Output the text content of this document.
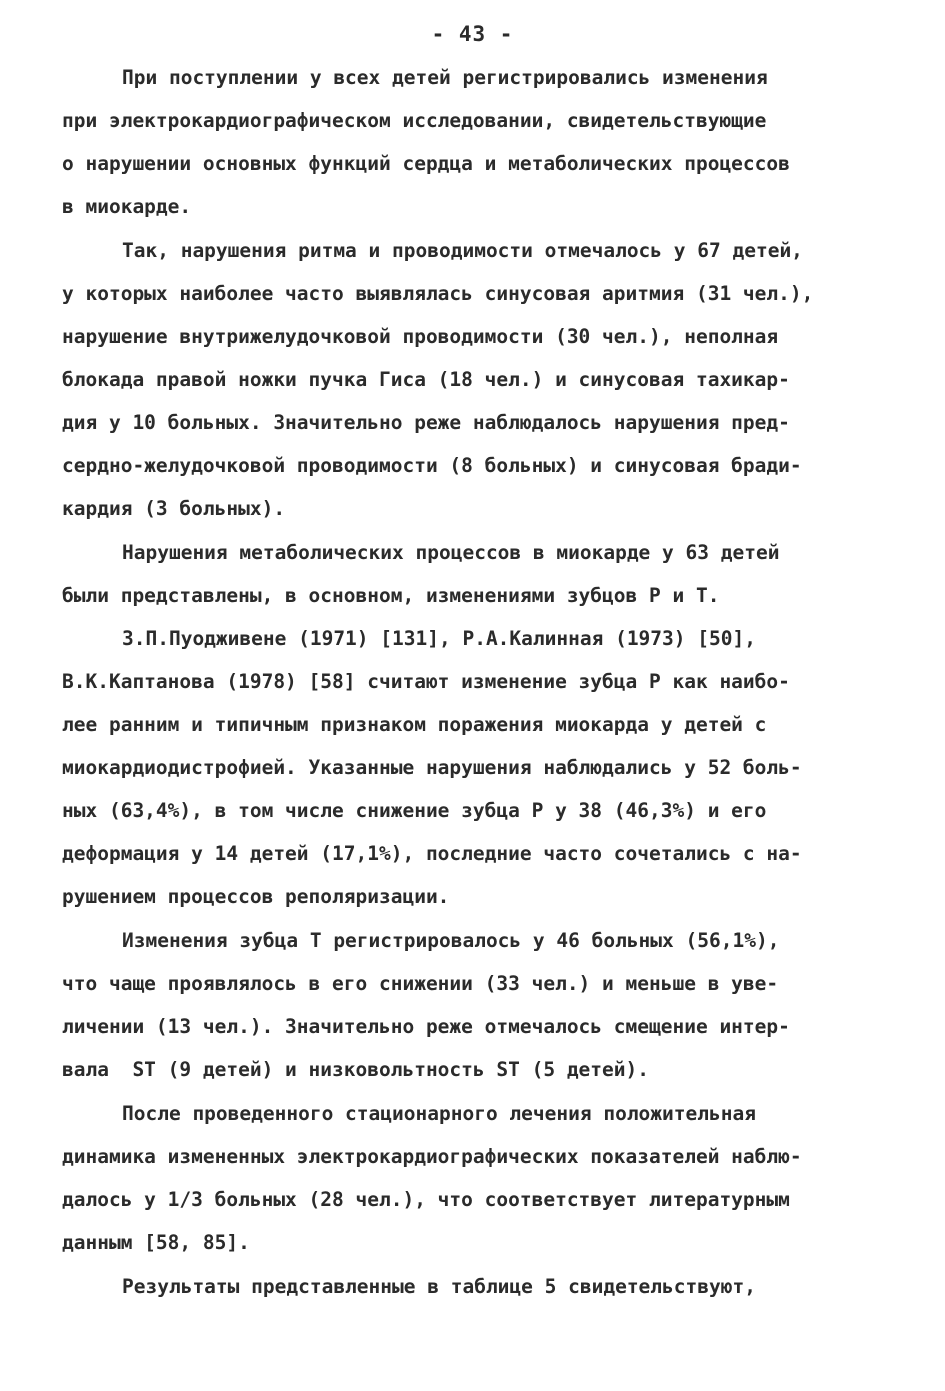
- 43 -

При поступлении у всех детей регистрировались изменения

при электрокардиографическом исследовании, свидетельствующие

о нарушении основных функций сердца и метаболических процессов

в миокарде.

Так, нарушения ритма и проводимости отмечалось у 67 детей,

у которых наиболее часто выявлялась синусовая аритмия (31 чел.),

нарушение внутрижелудочковой проводимости (30 чел.), неполная

блокада правой ножки пучка Гиса (18 чел.) и синусовая тахикар-

дия у 10 больных. Значительно реже наблюдалось нарушения пред-

сердно-желудочковой проводимости (8 больных) и синусовая бради-

кардия (3 больных).

Нарушения метаболических процессов в миокарде у 63 детей

были представлены, в основном, изменениями зубцов Р и Т.

З.П.Пуодживене (1971) [131], Р.А.Калинная (1973) [50],

В.К.Каптанова (1978) [58] считают изменение зубца Р как наибо-

лее ранним и типичным признаком поражения миокарда у детей с

миокардиодистрофией. Указанные нарушения наблюдались у 52 боль-

ных (63,4%), в том числе снижение зубца Р у 38 (46,3%) и его

деформация у 14 детей (17,1%), последние часто сочетались с на-

рушением процессов реполяризации.

Изменения зубца Т регистрировалось у 46 больных (56,1%),

что чаще проявлялось в его снижении (33 чел.) и меньше в уве-

личении (13 чел.). Значительно реже отмечалось смещение интер-

вала  ST (9 детей) и низковольтность ST (5 детей).

После проведенного стационарного лечения положительная

динамика измененных электрокардиографических показателей наблю-

далось у 1/3 больных (28 чел.), что соответствует литературным

данным [58, 85].

Результаты представленные в таблице 5 свидетельствуют,
